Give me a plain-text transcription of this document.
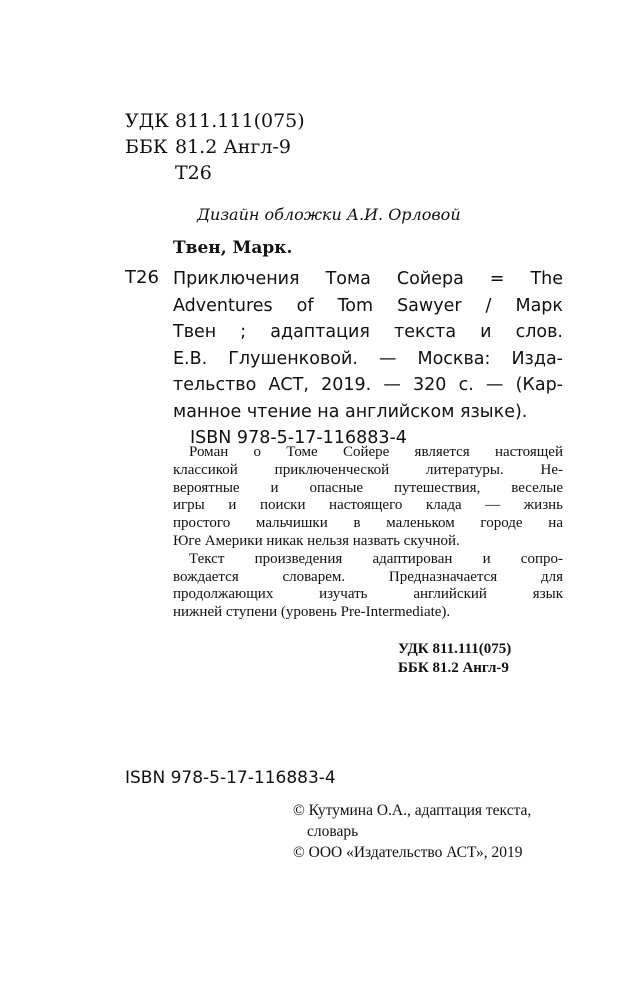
УДК 811.111(075)
ББК 81.2 Англ-9
Т26
Дизайн обложки А.И. Орловой
Твен, Марк.
Т26 Приключения Тома Сойера = The
Adventures of Tom Sawyer / Марк
Твен ; адаптация текста и слов.
Е.В. Глушенковой. — Москва: Изда-
тельство АСТ, 2019. — 320 с. — (Кар-
манное чтение на английском языке).
ISBN 978-5-17-116883-4
Роман о Томе Сойере является настоящей
классикой приключенческой литературы. Не-
вероятные и опасные путешествия, веселые
игры и поиски настоящего клада — жизнь
простого мальчишки в маленьком городе на
Юге Америки никак нельзя назвать скучной.
Текст произведения адаптирован и сопро-
вождается словарем. Предназначается для
продолжающих изучать английский язык
нижней ступени (уровень Pre-Intermediate).
УДК 811.111(075)
ББК 81.2 Англ-9
ISBN 978-5-17-116883-4
© Кутумина О.А., адаптация текста,
словарь
© ООО «Издательство АСТ», 2019
